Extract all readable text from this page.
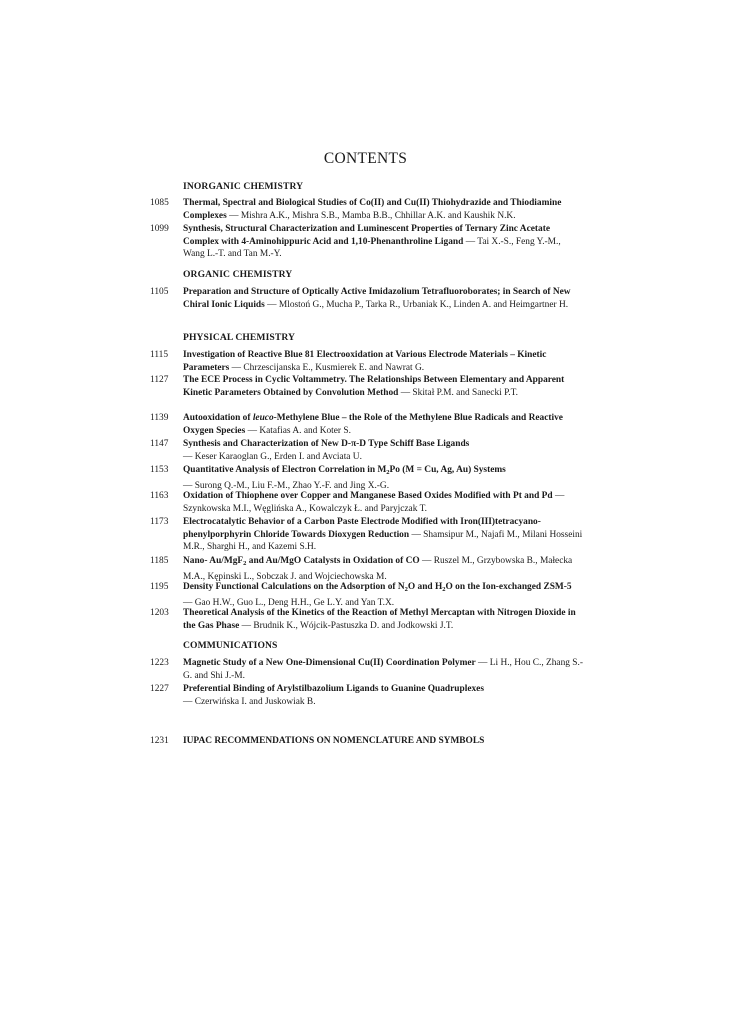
CONTENTS
INORGANIC CHEMISTRY
1085 Thermal, Spectral and Biological Studies of Co(II) and Cu(II) Thiohydrazide and Thiodiamine Complexes — Mishra A.K., Mishra S.B., Mamba B.B., Chhillar A.K. and Kaushik N.K.
1099 Synthesis, Structural Characterization and Luminescent Properties of Ternary Zinc Acetate Complex with 4-Aminohippuric Acid and 1,10-Phenanthroline Ligand — Tai X.-S., Feng Y.-M., Wang L.-T. and Tan M.-Y.
ORGANIC CHEMISTRY
1105 Preparation and Structure of Optically Active Imidazolium Tetrafluoroborates; in Search of New Chiral Ionic Liquids — Mlostoń G., Mucha P., Tarka R., Urbaniak K., Linden A. and Heimgartner H.
PHYSICAL CHEMISTRY
1115 Investigation of Reactive Blue 81 Electrooxidation at Various Electrode Materials – Kinetic Parameters — Chrzescijanska E., Kusmierek E. and Nawrat G.
1127 The ECE Process in Cyclic Voltammetry. The Relationships Between Elementary and Apparent Kinetic Parameters Obtained by Convolution Method — Skitał P.M. and Sanecki P.T.
1139 Autooxidation of leuco-Methylene Blue – the Role of the Methylene Blue Radicals and Reactive Oxygen Species — Katafias A. and Koter S.
1147 Synthesis and Characterization of New D-π-D Type Schiff Base Ligands
— Keser Karaoglan G., Erden I. and Avciata U.
1153 Quantitative Analysis of Electron Correlation in $M_2Po$ (M = Cu, Ag, Au) Systems
— Surong Q.-M., Liu F.-M., Zhao Y.-F. and Jing X.-G.
1163 Oxidation of Thiophene over Copper and Manganese Based Oxides Modified with Pt and Pd — Szynkowska M.I., Węglińska A., Kowalczyk Ł. and Paryjczak T.
1173 Electrocatalytic Behavior of a Carbon Paste Electrode Modified with Iron(III)tetracyano-phenylporphyrin Chloride Towards Dioxygen Reduction — Shamsipur M., Najafi M., Milani Hosseini M.R., Sharghi H., and Kazemi S.H.
1185 Nano- Au/MgF$_2$ and Au/MgO Catalysts in Oxidation of CO — Ruszel M., Grzybowska B., Małecka M.A., Kępinski L., Sobczak J. and Wojciechowska M.
1195 Density Functional Calculations on the Adsorption of $N_2O$ and $H_2O$ on the Ion-exchanged ZSM-5 — Gao H.W., Guo L., Deng H.H., Ge L.Y. and Yan T.X.
1203 Theoretical Analysis of the Kinetics of the Reaction of Methyl Mercaptan with Nitrogen Dioxide in the Gas Phase — Brudnik K., Wójcik-Pastuszka D. and Jodkowski J.T.
COMMUNICATIONS
1223 Magnetic Study of a New One-Dimensional Cu(II) Coordination Polymer — Li H., Hou C., Zhang S.-G. and Shi J.-M.
1227 Preferential Binding of Arylstilbazolium Ligands to Guanine Quadruplexes
— Czerwińska I. and Juskowiak B.
1231 IUPAC RECOMMENDATIONS ON NOMENCLATURE AND SYMBOLS
